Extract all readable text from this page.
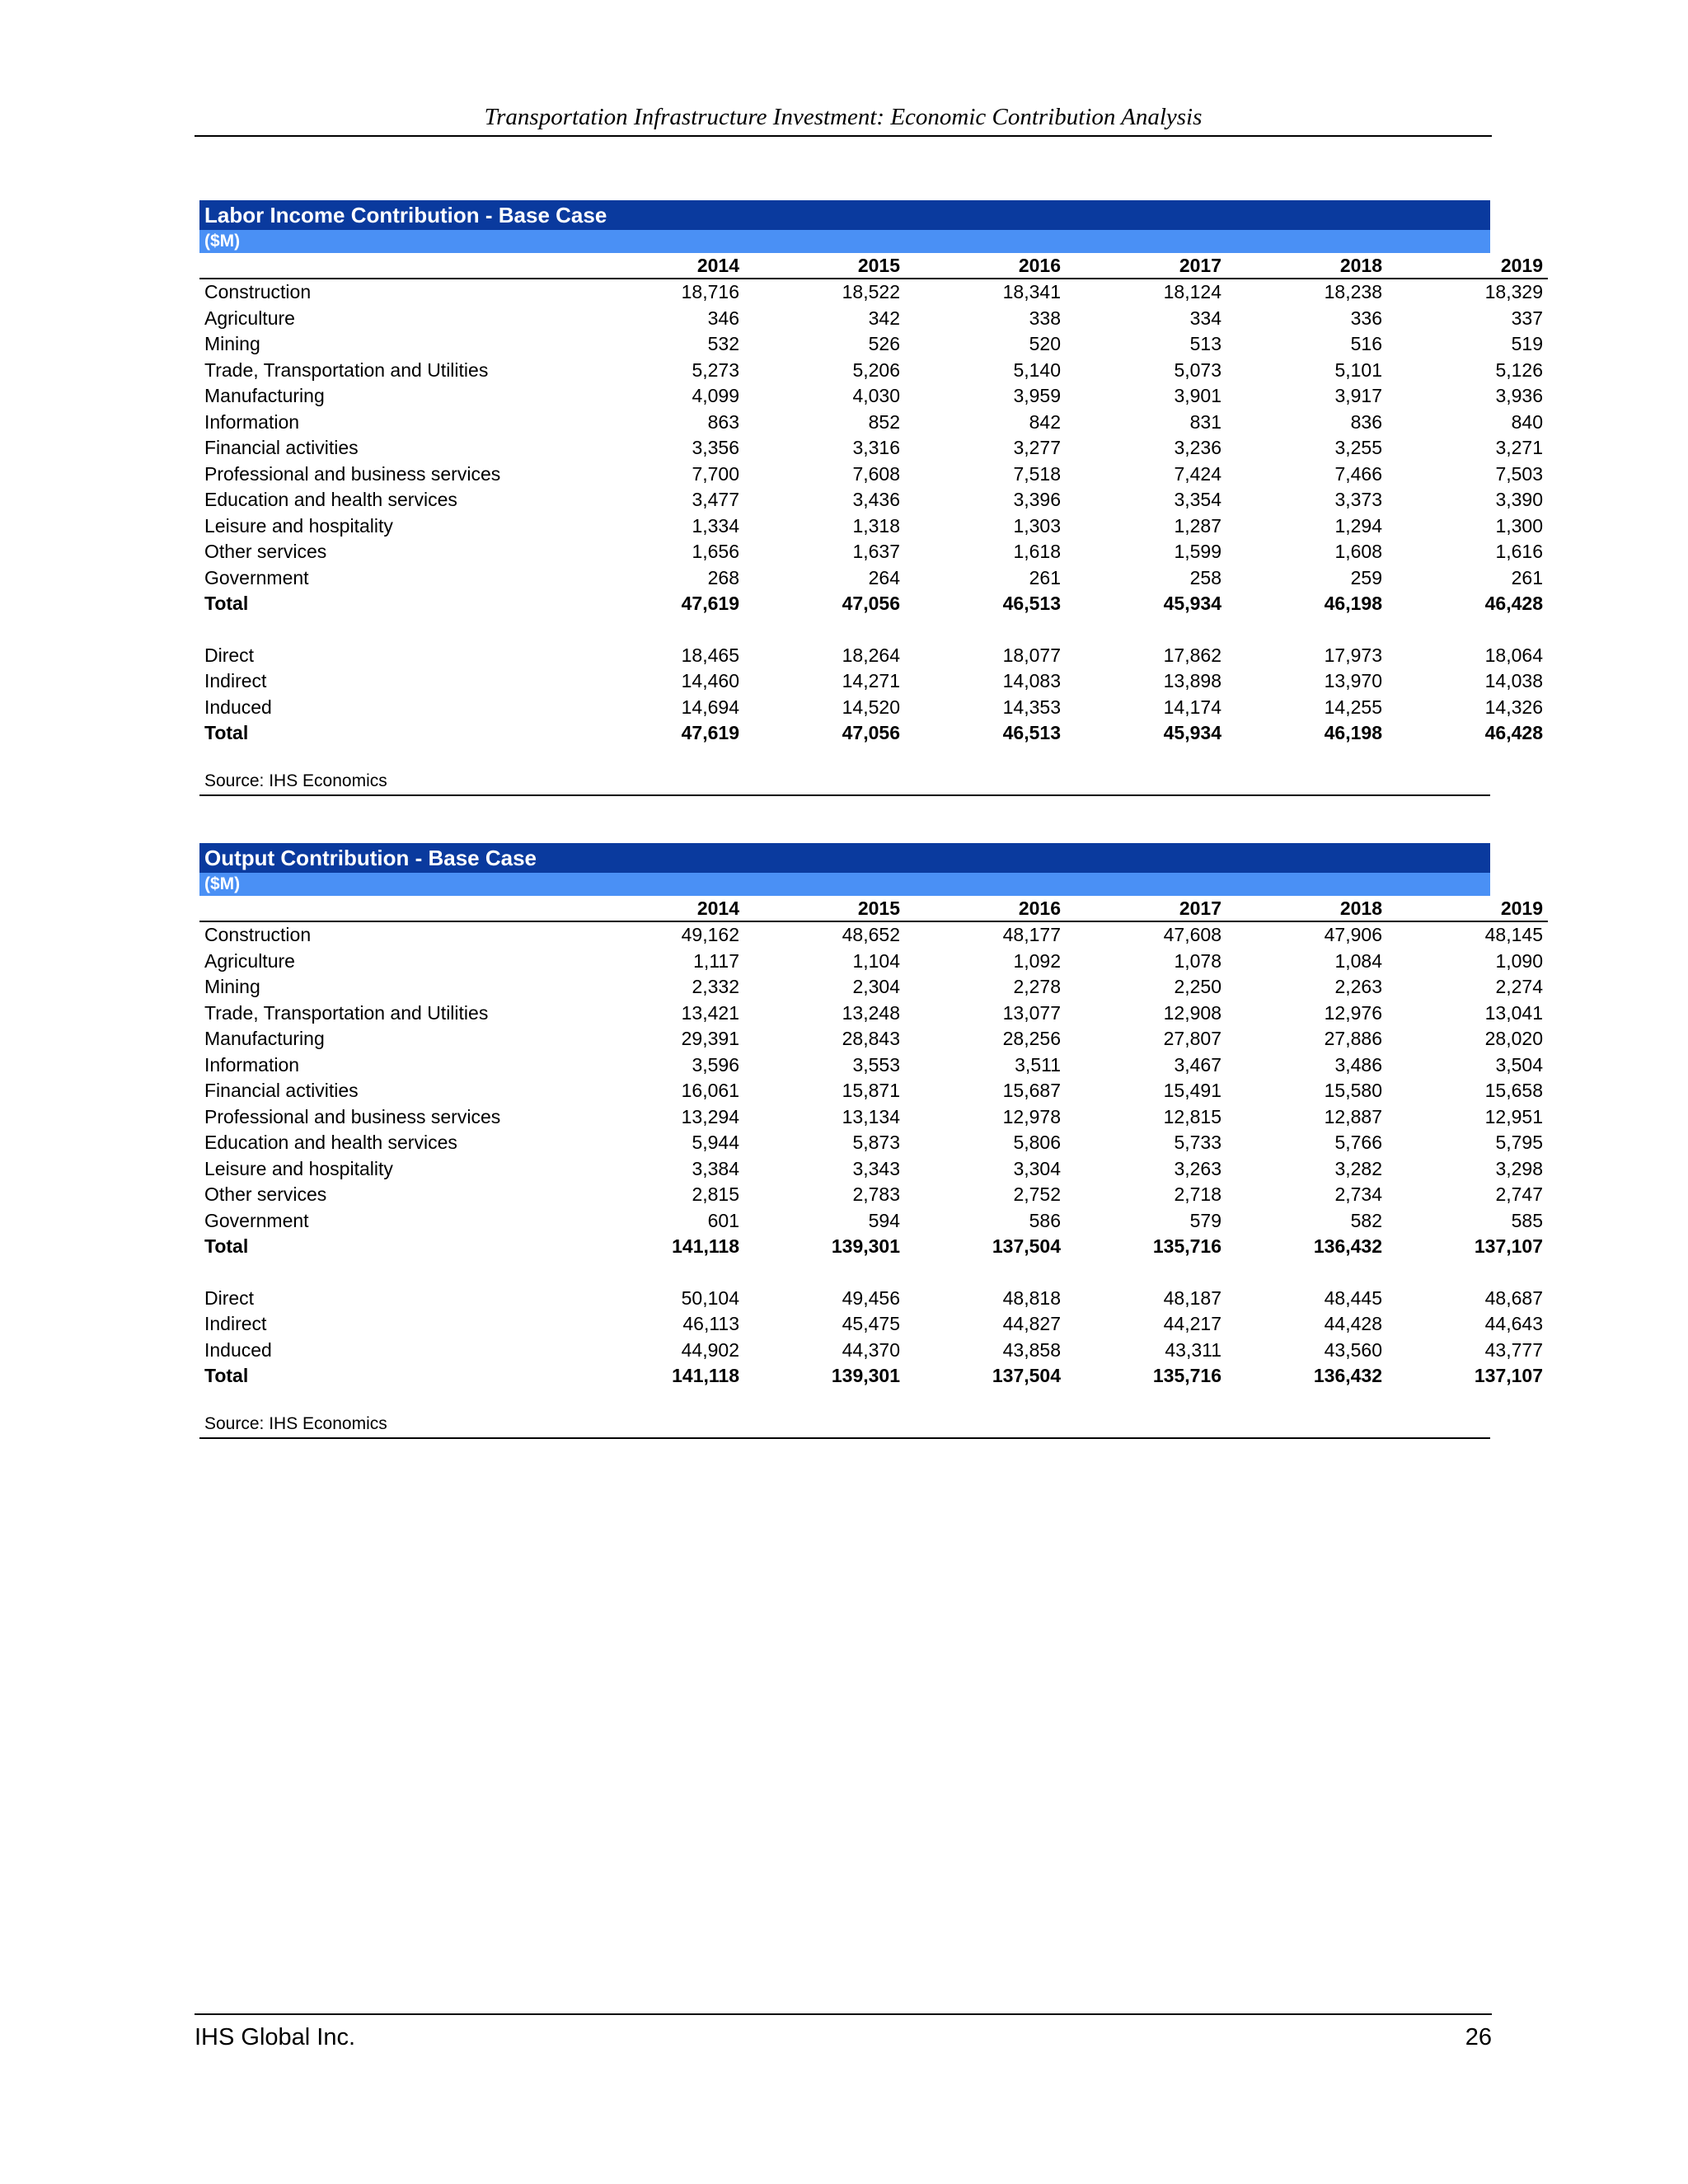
Transportation Infrastructure Investment: Economic Contribution Analysis
Labor Income Contribution - Base Case
($M)
	2014	2015	2016	2017	2018	2019
Construction	18,716	18,522	18,341	18,124	18,238	18,329
Agriculture	346	342	338	334	336	337
Mining	532	526	520	513	516	519
Trade, Transportation and Utilities	5,273	5,206	5,140	5,073	5,101	5,126
Manufacturing	4,099	4,030	3,959	3,901	3,917	3,936
Information	863	852	842	831	836	840
Financial activities	3,356	3,316	3,277	3,236	3,255	3,271
Professional and business services	7,700	7,608	7,518	7,424	7,466	7,503
Education and health services	3,477	3,436	3,396	3,354	3,373	3,390
Leisure and hospitality	1,334	1,318	1,303	1,287	1,294	1,300
Other services	1,656	1,637	1,618	1,599	1,608	1,616
Government	268	264	261	258	259	261
Total	47,619	47,056	46,513	45,934	46,198	46,428

Direct	18,465	18,264	18,077	17,862	17,973	18,064
Indirect	14,460	14,271	14,083	13,898	13,970	14,038
Induced	14,694	14,520	14,353	14,174	14,255	14,326
Total	47,619	47,056	46,513	45,934	46,198	46,428
Source: IHS Economics
Output Contribution - Base Case
($M)
	2014	2015	2016	2017	2018	2019
Construction	49,162	48,652	48,177	47,608	47,906	48,145
Agriculture	1,117	1,104	1,092	1,078	1,084	1,090
Mining	2,332	2,304	2,278	2,250	2,263	2,274
Trade, Transportation and Utilities	13,421	13,248	13,077	12,908	12,976	13,041
Manufacturing	29,391	28,843	28,256	27,807	27,886	28,020
Information	3,596	3,553	3,511	3,467	3,486	3,504
Financial activities	16,061	15,871	15,687	15,491	15,580	15,658
Professional and business services	13,294	13,134	12,978	12,815	12,887	12,951
Education and health services	5,944	5,873	5,806	5,733	5,766	5,795
Leisure and hospitality	3,384	3,343	3,304	3,263	3,282	3,298
Other services	2,815	2,783	2,752	2,718	2,734	2,747
Government	601	594	586	579	582	585
Total	141,118	139,301	137,504	135,716	136,432	137,107

Direct	50,104	49,456	48,818	48,187	48,445	48,687
Indirect	46,113	45,475	44,827	44,217	44,428	44,643
Induced	44,902	44,370	43,858	43,311	43,560	43,777
Total	141,118	139,301	137,504	135,716	136,432	137,107
Source: IHS Economics
IHS Global Inc.	26
